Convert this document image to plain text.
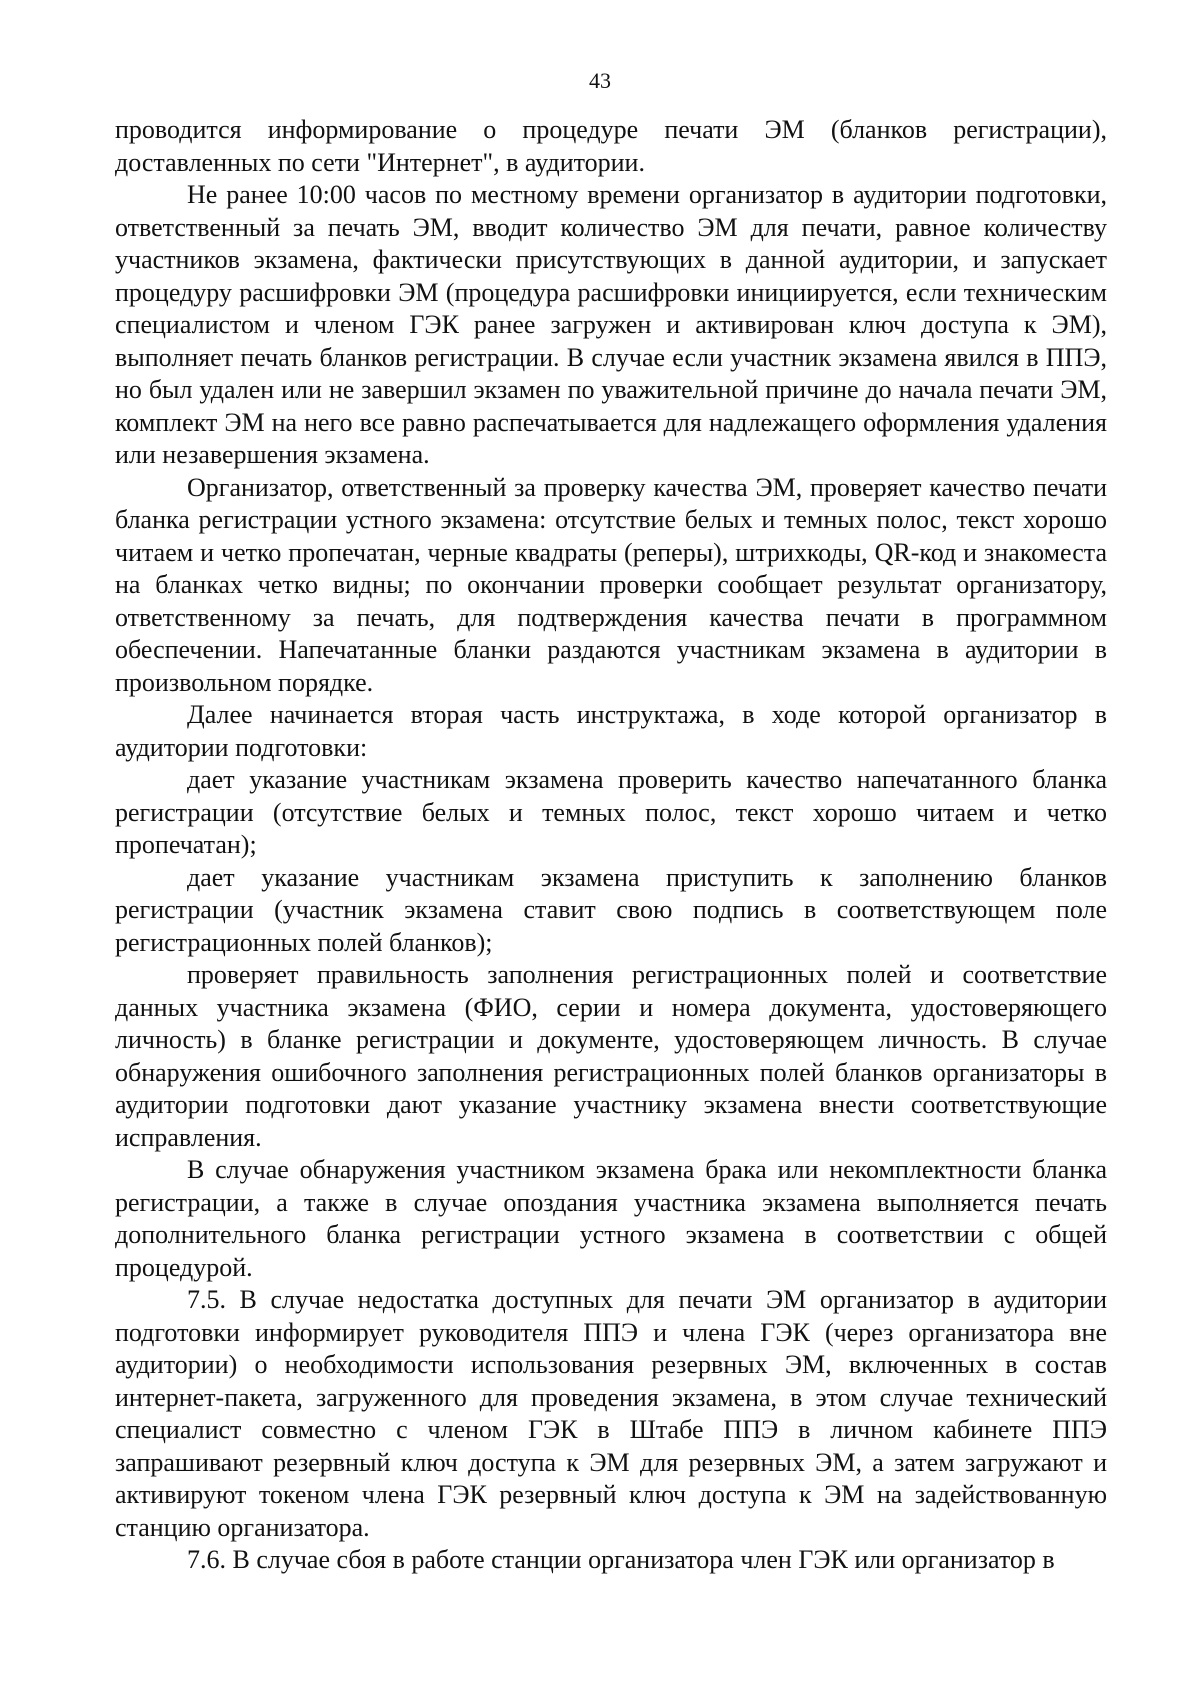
43

проводится информирование о процедуре печати ЭМ (бланков регистрации), доставленных по сети "Интернет", в аудитории.

Не ранее 10:00 часов по местному времени организатор в аудитории подготовки, ответственный за печать ЭМ, вводит количество ЭМ для печати, равное количеству участников экзамена, фактически присутствующих в данной аудитории, и запускает процедуру расшифровки ЭМ (процедура расшифровки инициируется, если техническим специалистом и членом ГЭК ранее загружен и активирован ключ доступа к ЭМ), выполняет печать бланков регистрации. В случае если участник экзамена явился в ППЭ, но был удален или не завершил экзамен по уважительной причине до начала печати ЭМ, комплект ЭМ на него все равно распечатывается для надлежащего оформления удаления или незавершения экзамена.

Организатор, ответственный за проверку качества ЭМ, проверяет качество печати бланка регистрации устного экзамена: отсутствие белых и темных полос, текст хорошо читаем и четко пропечатан, черные квадраты (реперы), штрихкоды, QR-код и знакоместа на бланках четко видны; по окончании проверки сообщает результат организатору, ответственному за печать, для подтверждения качества печати в программном обеспечении. Напечатанные бланки раздаются участникам экзамена в аудитории в произвольном порядке.

Далее начинается вторая часть инструктажа, в ходе которой организатор в аудитории подготовки:

дает указание участникам экзамена проверить качество напечатанного бланка регистрации (отсутствие белых и темных полос, текст хорошо читаем и четко пропечатан);

дает указание участникам экзамена приступить к заполнению бланков регистрации (участник экзамена ставит свою подпись в соответствующем поле регистрационных полей бланков);

проверяет правильность заполнения регистрационных полей и соответствие данных участника экзамена (ФИО, серии и номера документа, удостоверяющего личность) в бланке регистрации и документе, удостоверяющем личность. В случае обнаружения ошибочного заполнения регистрационных полей бланков организаторы в аудитории подготовки дают указание участнику экзамена внести соответствующие исправления.

В случае обнаружения участником экзамена брака или некомплектности бланка регистрации, а также в случае опоздания участника экзамена выполняется печать дополнительного бланка регистрации устного экзамена в соответствии с общей процедурой.

7.5. В случае недостатка доступных для печати ЭМ организатор в аудитории подготовки информирует руководителя ППЭ и члена ГЭК (через организатора вне аудитории) о необходимости использования резервных ЭМ, включенных в состав интернет-пакета, загруженного для проведения экзамена, в этом случае технический специалист совместно с членом ГЭК в Штабе ППЭ в личном кабинете ППЭ запрашивают резервный ключ доступа к ЭМ для резервных ЭМ, а затем загружают и активируют токеном члена ГЭК резервный ключ доступа к ЭМ на задействованную станцию организатора.

7.6. В случае сбоя в работе станции организатора член ГЭК или организатор в
